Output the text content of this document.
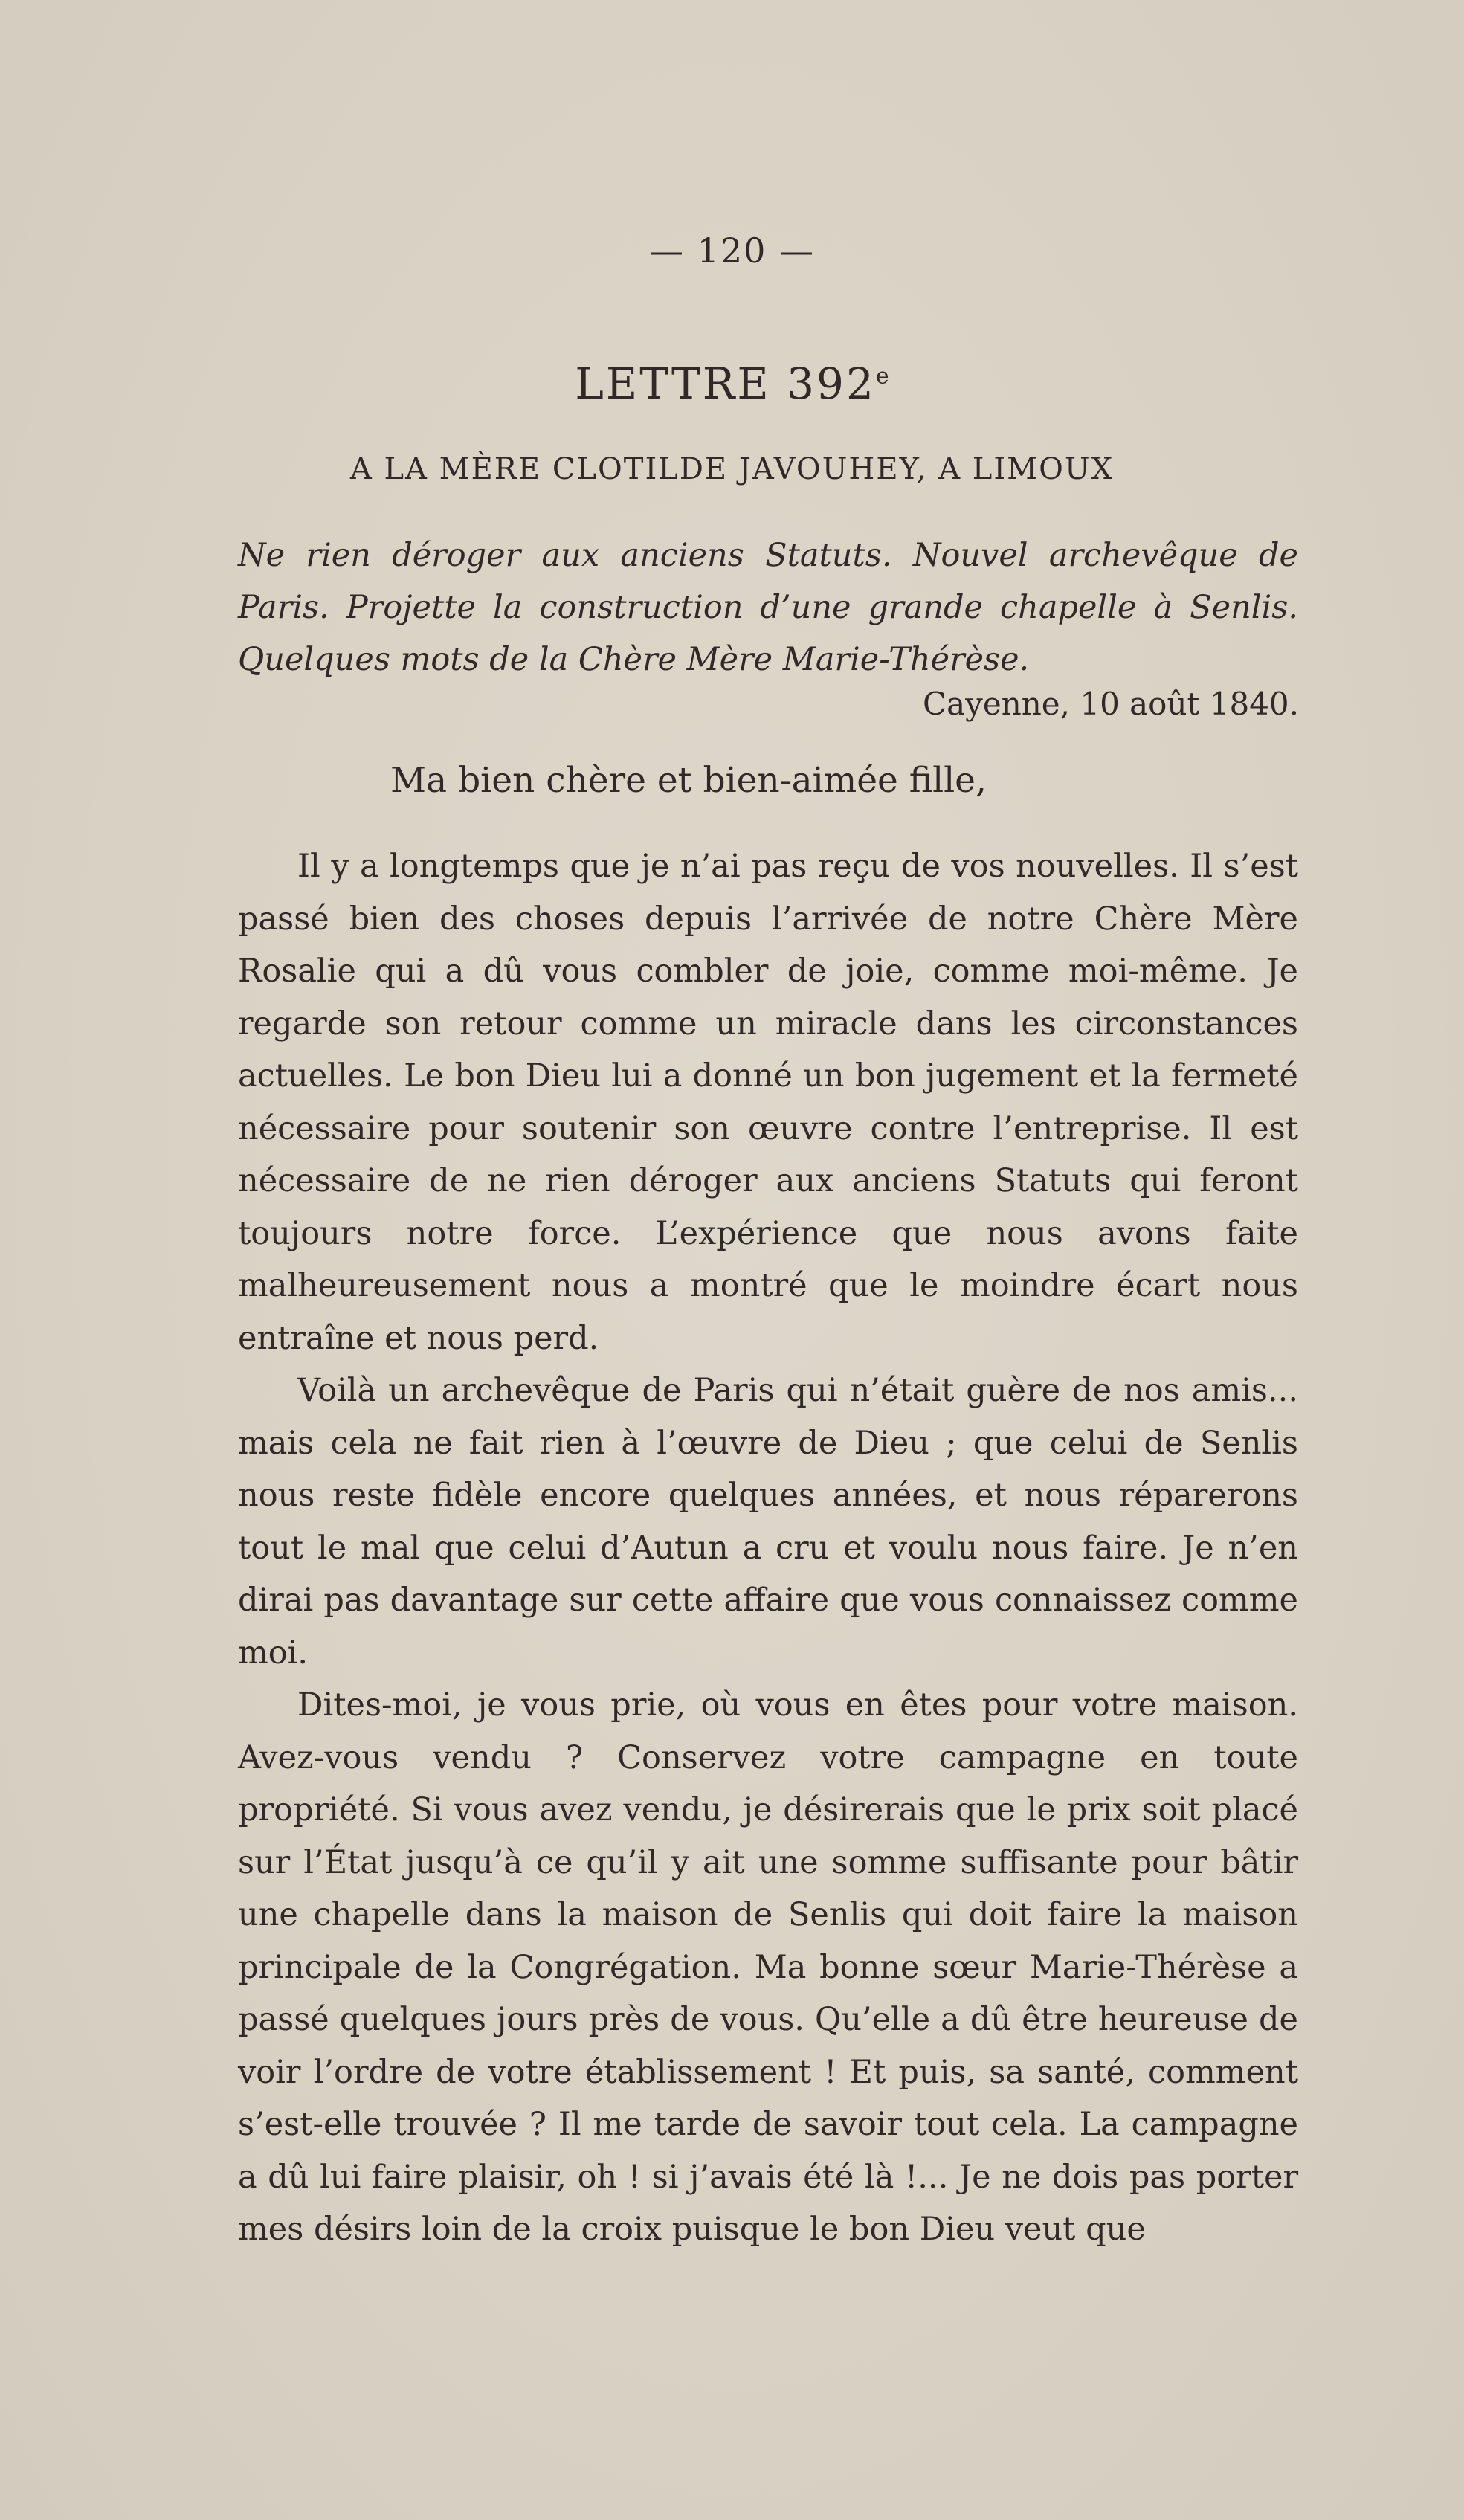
— 120 —
LETTRE 392e
A LA MÈRE CLOTILDE JAVOUHEY, A LIMOUX

Ne rien déroger aux anciens Statuts. Nouvel archevêque de Paris. Projette la construction d’une grande chapelle à Senlis. Quelques mots de la Chère Mère Marie-Thérèse.

Cayenne, 10 août 1840.

Ma bien chère et bien-aimée fille,

Il y a longtemps que je n’ai pas reçu de vos nouvelles. Il s’est passé bien des choses depuis l’arrivée de notre Chère Mère Rosalie qui a dû vous combler de joie, comme moi-même. Je regarde son retour comme un miracle dans les circonstances actuelles. Le bon Dieu lui a donné un bon jugement et la fermeté nécessaire pour soutenir son œuvre contre l’entreprise. Il est nécessaire de ne rien déroger aux anciens Statuts qui feront toujours notre force. L’expérience que nous avons faite malheureusement nous a montré que le moindre écart nous entraîne et nous perd.

Voilà un archevêque de Paris qui n’était guère de nos amis... mais cela ne fait rien à l’œuvre de Dieu ; que celui de Senlis nous reste fidèle encore quelques années, et nous réparerons tout le mal que celui d’Autun a cru et voulu nous faire. Je n’en dirai pas davantage sur cette affaire que vous connaissez comme moi.

Dites-moi, je vous prie, où vous en êtes pour votre maison. Avez-vous vendu ? Conservez votre campagne en toute propriété. Si vous avez vendu, je désirerais que le prix soit placé sur l’État jusqu’à ce qu’il y ait une somme suffisante pour bâtir une chapelle dans la maison de Senlis qui doit faire la maison principale de la Congrégation. Ma bonne sœur Marie-Thérèse a passé quelques jours près de vous. Qu’elle a dû être heureuse de voir l’ordre de votre établissement ! Et puis, sa santé, comment s’est-elle trouvée ? Il me tarde de savoir tout cela. La campagne a dû lui faire plaisir, oh ! si j’avais été là !... Je ne dois pas porter mes désirs loin de la croix puisque le bon Dieu veut que
